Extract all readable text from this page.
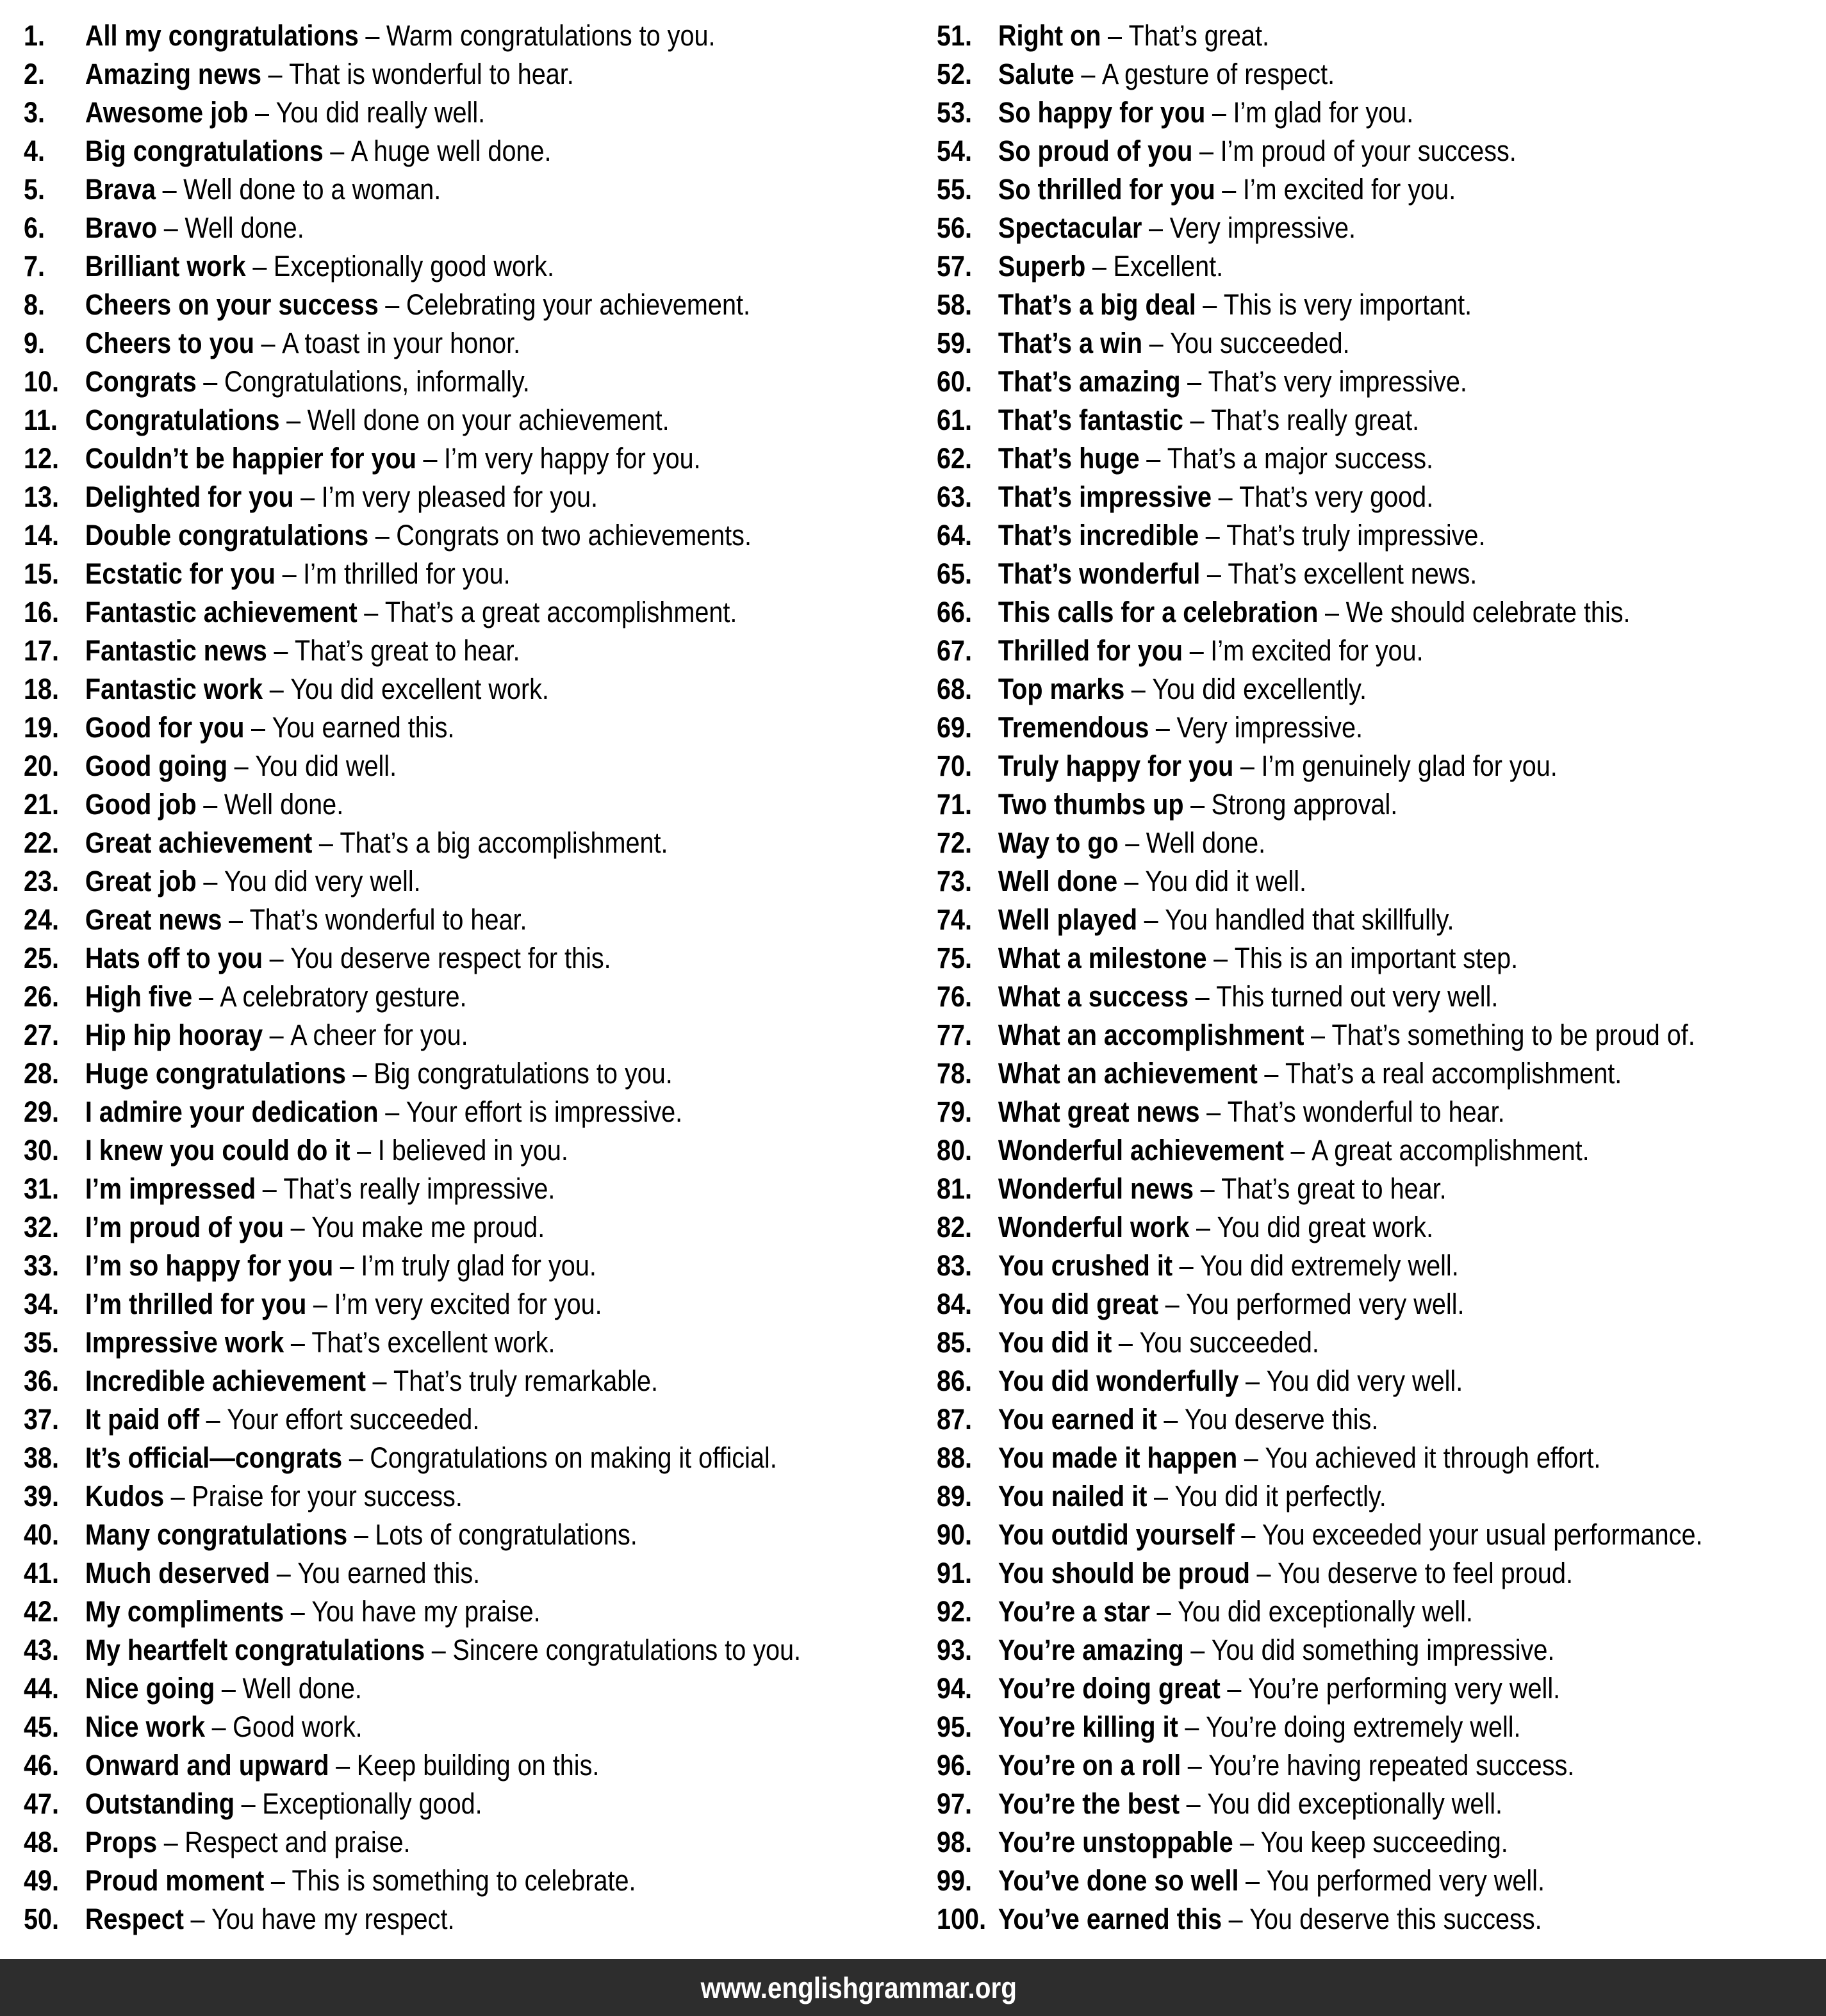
1. All my congratulations – Warm congratulations to you.
2. Amazing news – That is wonderful to hear.
3. Awesome job – You did really well.
4. Big congratulations – A huge well done.
5. Brava – Well done to a woman.
6. Bravo – Well done.
7. Brilliant work – Exceptionally good work.
8. Cheers on your success – Celebrating your achievement.
9. Cheers to you – A toast in your honor.
10. Congrats – Congratulations, informally.
11. Congratulations – Well done on your achievement.
12. Couldn’t be happier for you – I’m very happy for you.
13. Delighted for you – I’m very pleased for you.
14. Double congratulations – Congrats on two achievements.
15. Ecstatic for you – I’m thrilled for you.
16. Fantastic achievement – That’s a great accomplishment.
17. Fantastic news – That’s great to hear.
18. Fantastic work – You did excellent work.
19. Good for you – You earned this.
20. Good going – You did well.
21. Good job – Well done.
22. Great achievement – That’s a big accomplishment.
23. Great job – You did very well.
24. Great news – That’s wonderful to hear.
25. Hats off to you – You deserve respect for this.
26. High five – A celebratory gesture.
27. Hip hip hooray – A cheer for you.
28. Huge congratulations – Big congratulations to you.
29. I admire your dedication – Your effort is impressive.
30. I knew you could do it – I believed in you.
31. I’m impressed – That’s really impressive.
32. I’m proud of you – You make me proud.
33. I’m so happy for you – I’m truly glad for you.
34. I’m thrilled for you – I’m very excited for you.
35. Impressive work – That’s excellent work.
36. Incredible achievement – That’s truly remarkable.
37. It paid off – Your effort succeeded.
38. It’s official—congrats – Congratulations on making it official.
39. Kudos – Praise for your success.
40. Many congratulations – Lots of congratulations.
41. Much deserved – You earned this.
42. My compliments – You have my praise.
43. My heartfelt congratulations – Sincere congratulations to you.
44. Nice going – Well done.
45. Nice work – Good work.
46. Onward and upward – Keep building on this.
47. Outstanding – Exceptionally good.
48. Props – Respect and praise.
49. Proud moment – This is something to celebrate.
50. Respect – You have my respect.
51. Right on – That’s great.
52. Salute – A gesture of respect.
53. So happy for you – I’m glad for you.
54. So proud of you – I’m proud of your success.
55. So thrilled for you – I’m excited for you.
56. Spectacular – Very impressive.
57. Superb – Excellent.
58. That’s a big deal – This is very important.
59. That’s a win – You succeeded.
60. That’s amazing – That’s very impressive.
61. That’s fantastic – That’s really great.
62. That’s huge – That’s a major success.
63. That’s impressive – That’s very good.
64. That’s incredible – That’s truly impressive.
65. That’s wonderful – That’s excellent news.
66. This calls for a celebration – We should celebrate this.
67. Thrilled for you – I’m excited for you.
68. Top marks – You did excellently.
69. Tremendous – Very impressive.
70. Truly happy for you – I’m genuinely glad for you.
71. Two thumbs up – Strong approval.
72. Way to go – Well done.
73. Well done – You did it well.
74. Well played – You handled that skillfully.
75. What a milestone – This is an important step.
76. What a success – This turned out very well.
77. What an accomplishment – That’s something to be proud of.
78. What an achievement – That’s a real accomplishment.
79. What great news – That’s wonderful to hear.
80. Wonderful achievement – A great accomplishment.
81. Wonderful news – That’s great to hear.
82. Wonderful work – You did great work.
83. You crushed it – You did extremely well.
84. You did great – You performed very well.
85. You did it – You succeeded.
86. You did wonderfully – You did very well.
87. You earned it – You deserve this.
88. You made it happen – You achieved it through effort.
89. You nailed it – You did it perfectly.
90. You outdid yourself – You exceeded your usual performance.
91. You should be proud – You deserve to feel proud.
92. You’re a star – You did exceptionally well.
93. You’re amazing – You did something impressive.
94. You’re doing great – You’re performing very well.
95. You’re killing it – You’re doing extremely well.
96. You’re on a roll – You’re having repeated success.
97. You’re the best – You did exceptionally well.
98. You’re unstoppable – You keep succeeding.
99. You’ve done so well – You performed very well.
100. You’ve earned this – You deserve this success.
www.englishgrammar.org
